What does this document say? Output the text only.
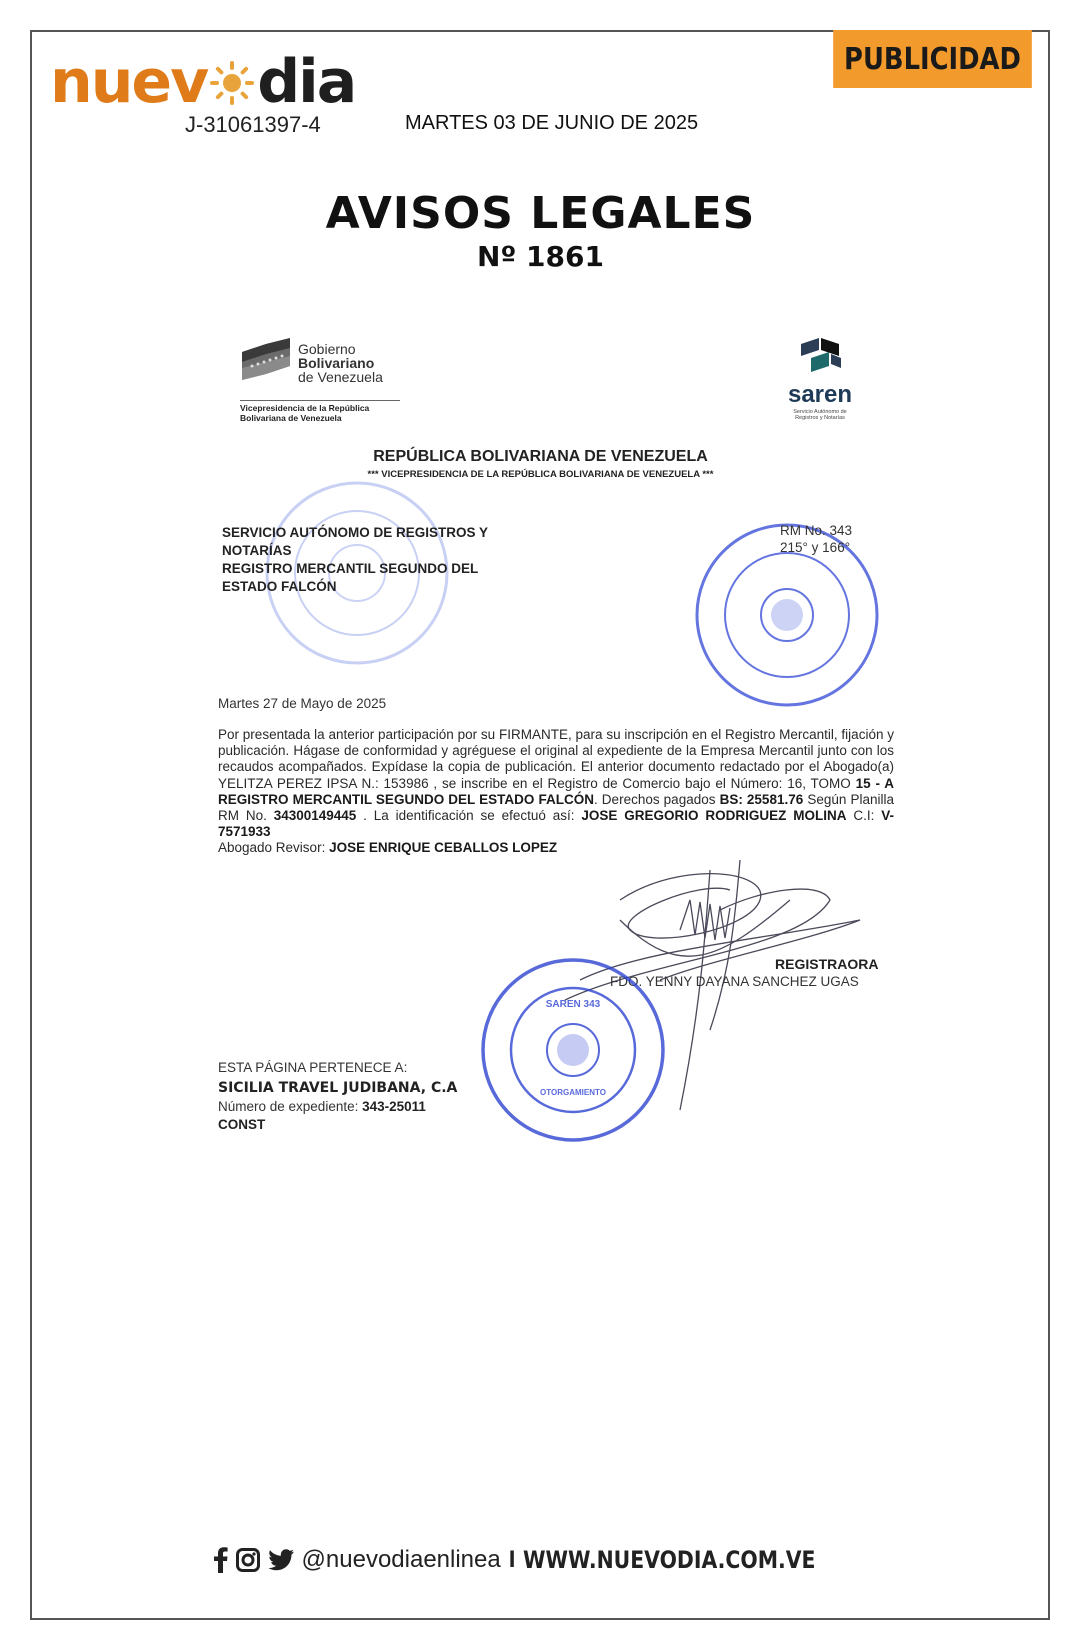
nuev dia
J-31061397-4	MARTES 03 DE JUNIO DE 2025
PUBLICIDAD
AVISOS LEGALES
Nº 1861
Gobierno
Bolivariano
de Venezuela
Vicepresidencia de la República
Bolivariana de Venezuela
saren
Servicio Autónomo de
Registros y Notarías
REPÚBLICA BOLIVARIANA DE VENEZUELA
*** VICEPRESIDENCIA DE LA REPÚBLICA BOLIVARIANA DE VENEZUELA ***
SERVICIO AUTÓNOMO DE REGISTROS Y
NOTARÍAS
REGISTRO MERCANTIL SEGUNDO DEL
ESTADO FALCÓN
RM No. 343
215° y 166°
Martes 27 de Mayo de 2025
Por presentada la anterior participación por su FIRMANTE, para su inscripción en el Registro Mercantil, fijación y publicación. Hágase de conformidad y agréguese el original al expediente de la Empresa Mercantil junto con los recaudos acompañados. Expídase la copia de publicación. El anterior documento redactado por el Abogado(a) YELITZA PEREZ IPSA N.: 153986 , se inscribe en el Registro de Comercio bajo el Número: 16, TOMO 15 - A REGISTRO MERCANTIL SEGUNDO DEL ESTADO FALCÓN. Derechos pagados BS: 25581.76 Según Planilla RM No. 34300149445 . La identificación se efectuó así: JOSE GREGORIO RODRIGUEZ MOLINA C.I: V-7571933
Abogado Revisor: JOSE ENRIQUE CEBALLOS LOPEZ
REGISTRAORA
FDO. YENNY DAYANA SANCHEZ UGAS
SAREN 343
OTORGAMIENTO
ESTA PÁGINA PERTENECE A:
SICILIA TRAVEL JUDIBANA, C.A
Número de expediente: 343-25011
CONST
@nuevodiaenlinea I WWW.NUEVODIA.COM.VE
